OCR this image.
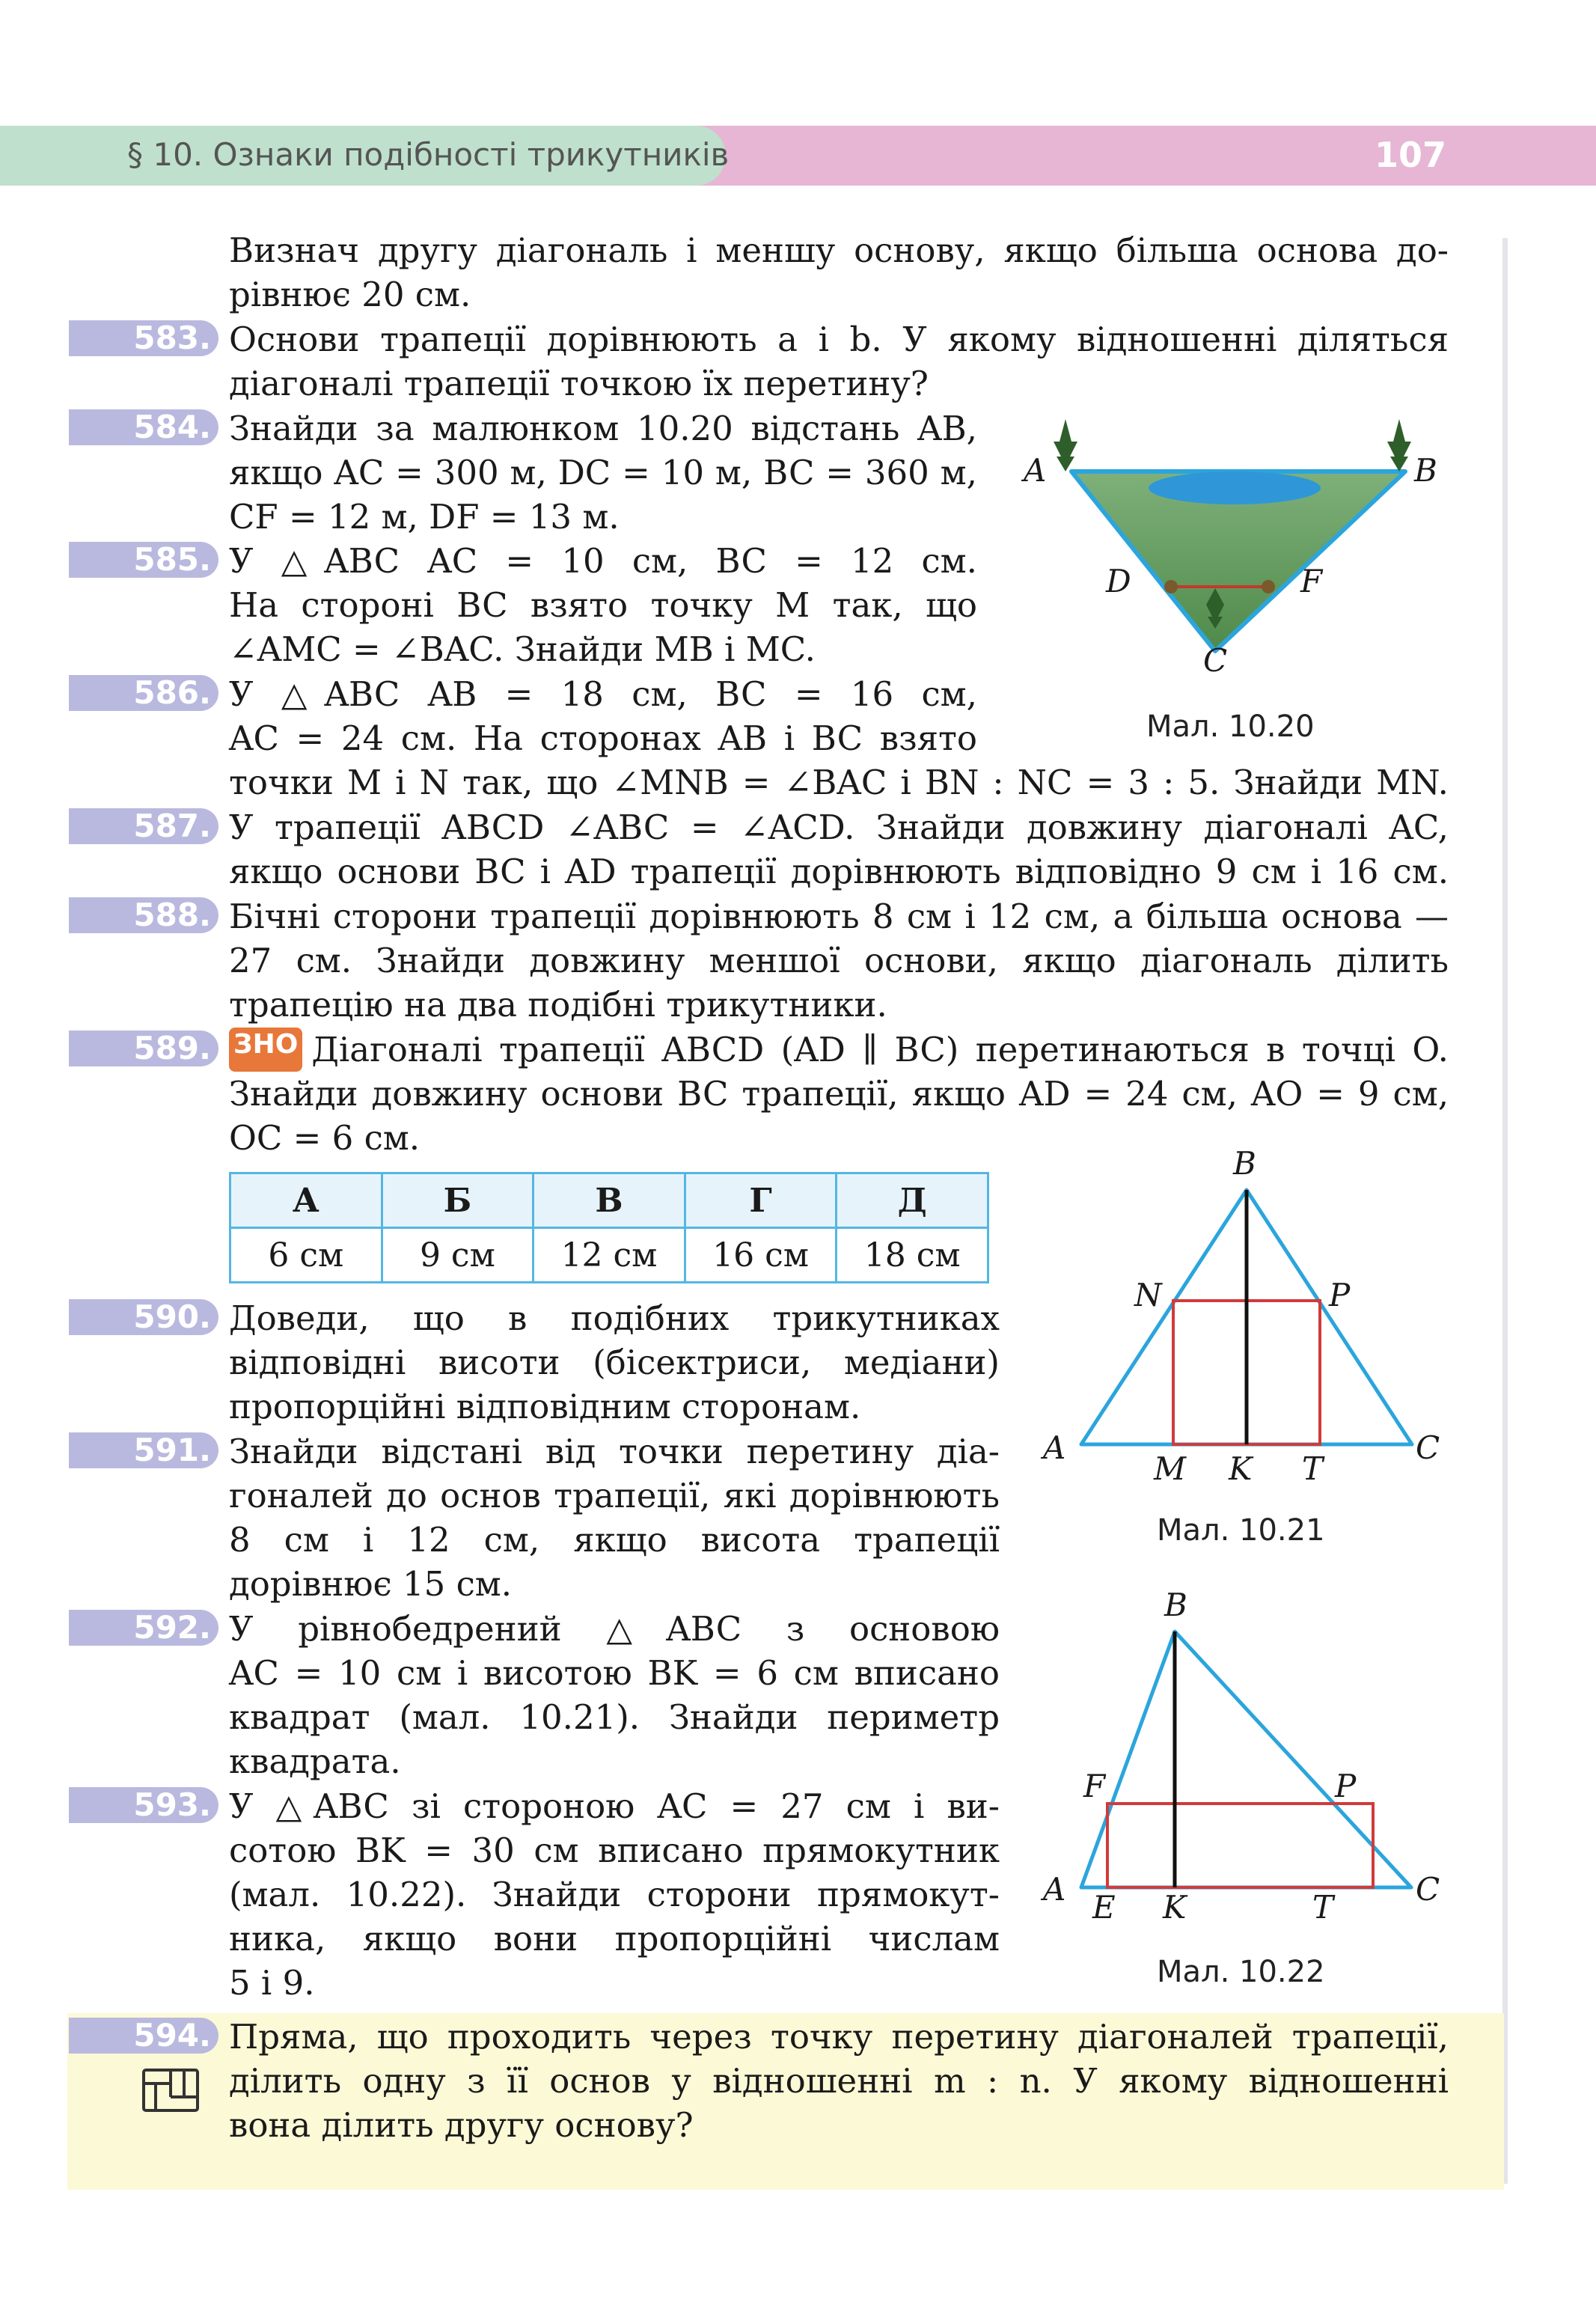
§ 10. Ознаки подібності трикутників	107
Визнач другу діагональ і меншу основу, якщо більша основа до-
рівнює 20 см.
583. Основи трапеції дорівнюють a і b. У якому відношенні діляться
діагоналі трапеції точкою їх перетину?
584. Знайди за малюнком 10.20 відстань AB,
якщо AC = 300 м, DC = 10 м, BC = 360 м,
CF = 12 м, DF = 13 м.
585. У △ABC AC = 10 см, BC = 12 см.
На стороні BC взято точку M так, що
∠AMC = ∠BAC. Знайди MB і MC.
586. У △ABC AB = 18 см, BC = 16 см,
AC = 24 см. На сторонах AB і BC взято
точки M і N так, що ∠MNB = ∠BAC і BN : NC = 3 : 5. Знайди MN.
587. У трапеції ABCD ∠ABC = ∠ACD. Знайди довжину діагоналі AC,
якщо основи BC і AD трапеції дорівнюють відповідно 9 см і 16 см.
588. Бічні сторони трапеції дорівнюють 8 см і 12 см, а більша основа —
27 см. Знайди довжину меншої основи, якщо діагональ ділить
трапецію на два подібні трикутники.
589. ЗНО Діагоналі трапеції ABCD (AD ∥ BC) перетинаються в точці O.
Знайди довжину основи BC трапеції, якщо AD = 24 см, AO = 9 см,
OC = 6 см.
А	Б	В	Г	Д
6 см	9 см	12 см	16 см	18 см
590. Доведи, що в подібних трикутниках
відповідні висоти (бісектриси, медіани)
пропорційні відповідним сторонам.
591. Знайди відстані від точки перетину діа-
гоналей до основ трапеції, які дорівнюють
8 см і 12 см, якщо висота трапеції
дорівнює 15 см.
592. У рівнобедрений △ABC з основою
AC = 10 см і висотою BK = 6 см вписано
квадрат (мал. 10.21). Знайди периметр
квадрата.
593. У △ABC зі стороною AC = 27 см і ви-
сотою BK = 30 см вписано прямокутник
(мал. 10.22). Знайди сторони прямокут-
ника, якщо вони пропорційні числам
5 і 9.
594. Пряма, що проходить через точку перетину діагоналей трапеції,
ділить одну з її основ у відношенні m : n. У якому відношенні
вона ділить другу основу?
A	B
C
D	F
Мал. 10.20
B
N	P
A	C
M K T
Мал. 10.21
B
F	P
A	C
E K	T
Мал. 10.22
